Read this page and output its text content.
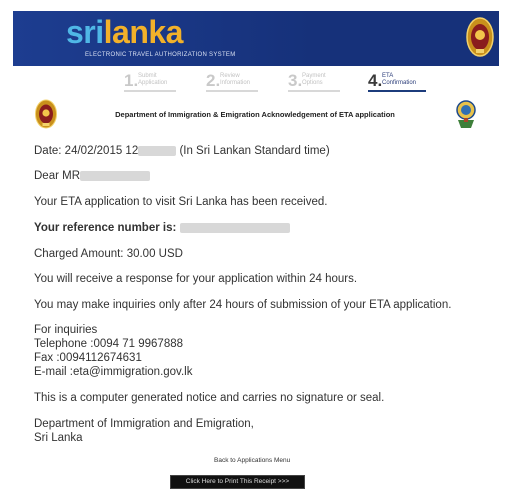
srilanka
ELECTRONIC TRAVEL AUTHORIZATION SYSTEM
1. Submit
Application 2. Review
Information 3. Payment
Options	4. ETA
Confirmation
Department of Immigration & Emigration Acknowledgement of ETA application
Date: 24/02/2015 12	(In Sri Lankan Standard time)
Dear MR
Your ETA application to visit Sri Lanka has been received.
Your reference number is:
Charged Amount: 30.00 USD
You will receive a response for your application within 24 hours.
You may make inquiries only after 24 hours of submission of your ETA application.
For inquiries
Telephone :0094 71 9967888
Fax :0094112674631
E-mail :eta@immigration.gov.lk
This is a computer generated notice and carries no signature or seal.
Department of Immigration and Emigration,
Sri Lanka
Back to Applications Menu
Click Here to Print This Receipt >>>
